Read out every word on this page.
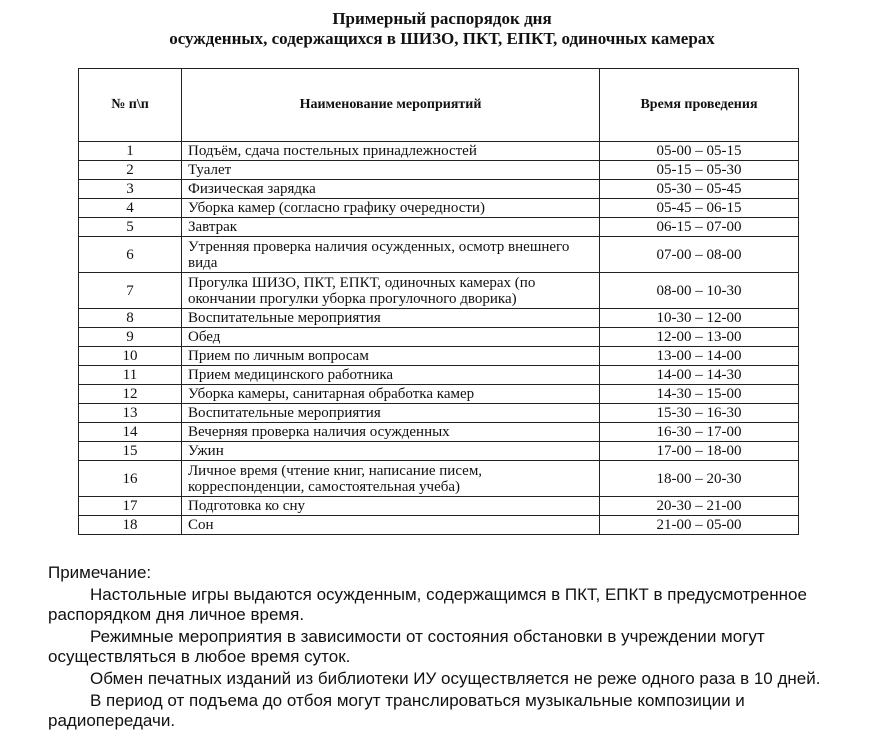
Примерный распорядок дня
осужденных, содержащихся в ШИЗО, ПКТ, ЕПКТ, одиночных камерах
№ п\п	Наименование мероприятий	Время проведения
1	Подъём, сдача постельных принадлежностей	05-00 – 05-15
2	Туалет	05-15 – 05-30
3	Физическая зарядка	05-30 – 05-45
4	Уборка камер (согласно графику очередности)	05-45 – 06-15
5	Завтрак	06-15 – 07-00
6	Утренняя проверка наличия осужденных, осмотр внешнего вида	07-00 – 08-00
7	Прогулка ШИЗО, ПКТ, ЕПКТ, одиночных камерах (по окончании прогулки уборка прогулочного дворика)	08-00 – 10-30
8	Воспитательные мероприятия	10-30 – 12-00
9	Обед	12-00 – 13-00
10	Прием по личным вопросам	13-00 – 14-00
11	Прием медицинского работника	14-00 – 14-30
12	Уборка камеры, санитарная обработка камер	14-30 – 15-00
13	Воспитательные мероприятия	15-30 – 16-30
14	Вечерняя проверка наличия осужденных	16-30 – 17-00
15	Ужин	17-00 – 18-00
16	Личное время (чтение книг, написание писем, корреспонденции, самостоятельная учеба)	18-00 – 20-30
17	Подготовка ко сну	20-30 – 21-00
18	Сон	21-00 – 05-00

Примечание:

Настольные игры выдаются осужденным, содержащимся в ПКТ, ЕПКТ в предусмотренное распорядком дня личное время.

Режимные мероприятия в зависимости от состояния обстановки в учреждении могут осуществляться в любое время суток.

Обмен печатных изданий из библиотеки ИУ осуществляется не реже одного раза в 10 дней.

В период от подъема до отбоя могут транслироваться музыкальные композиции и радиопередачи.
